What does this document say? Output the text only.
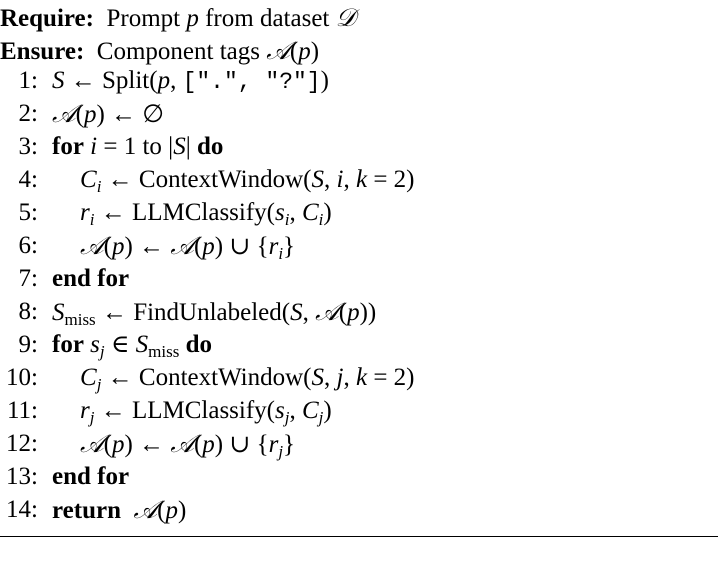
Require:  Prompt p from dataset 𝒟
Ensure:  Component tags 𝒜(p)
1: S ← Split(p, [".", "?"])
2: 𝒜(p) ← ∅
3: for i = 1 to |S| do
4: $C_i$ ← ContextWindow(S, i, k = 2)
5: $r_i$ ← $LLMClassify(s_i$, $C_i$)
6: 𝒜(p) ← 𝒜(p) ∪ $\{r_i\}$
7: end for
8: $S_{miss}$ ← FindUnlabeled(S, 𝒜(p))
9: for $s_j$ ∈ $S_{miss}$ do
10: $C_j$ ← ContextWindow(S, j, k = 2)
11: $r_j$ ← $LLMClassify(s_j$, $C_j$)
12: 𝒜(p) ← 𝒜(p) ∪ $\{r_j\}$
13: end for
14: return 𝒜(p)
